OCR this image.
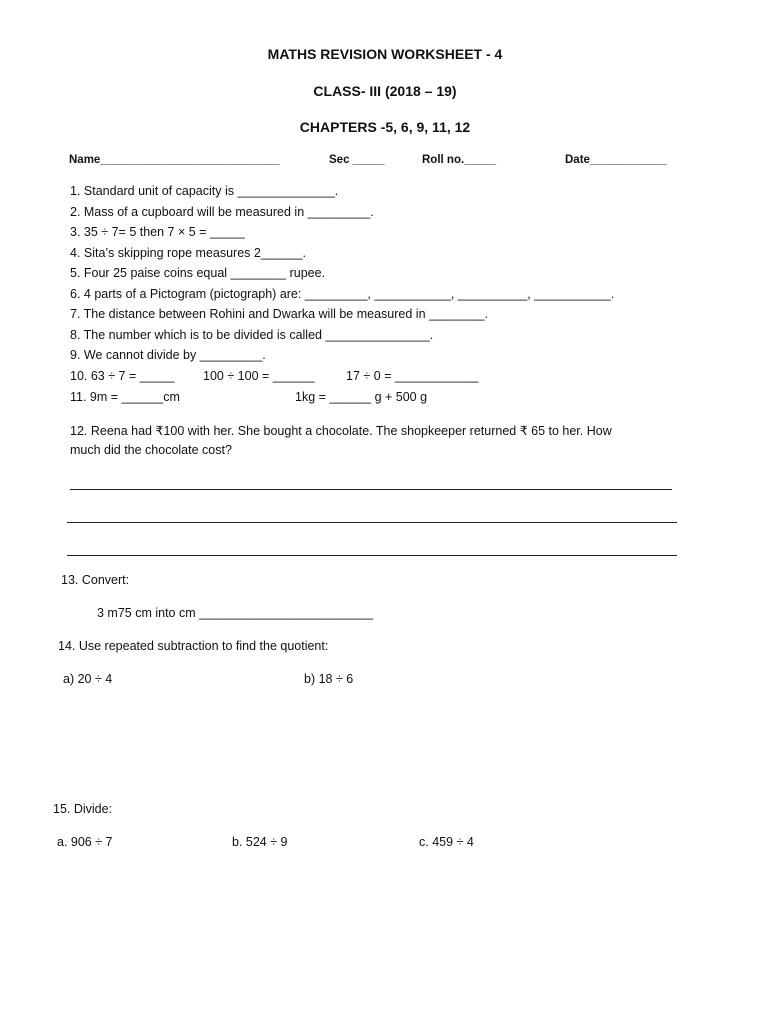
MATHS REVISION WORKSHEET - 4
CLASS- III (2018 – 19)
CHAPTERS -5, 6, 9, 11, 12
Name____________________________	Sec _____	Roll no._____	Date____________
1. Standard unit of capacity is ______________.
2. Mass of a cupboard will be measured in _________.
3. 35 ÷ 7= 5 then 7 × 5 = _____
4. Sita’s skipping rope measures 2______.
5. Four 25 paise coins equal ________ rupee.
6. 4 parts of a Pictogram (pictograph) are: _________, ___________, __________, ___________.
7. The distance between Rohini and Dwarka will be measured in ________.
8. The number which is to be divided is called _______________.
9. We cannot divide by _________.
10. 63 ÷ 7 = _____ 100 ÷ 100 = ______	17 ÷ 0 = ____________
11. 9m = ______cm	1kg = ______ g + 500 g
12. Reena had ₹100 with her. She bought a chocolate. The shopkeeper returned ₹ 65 to her. How
much did the chocolate cost?
13. Convert:
3 m75 cm into cm _________________________
14. Use repeated subtraction to find the quotient:
a) 20 ÷ 4	b) 18 ÷ 6
15. Divide:
a. 906 ÷ 7	b. 524 ÷ 9	c. 459 ÷ 4
